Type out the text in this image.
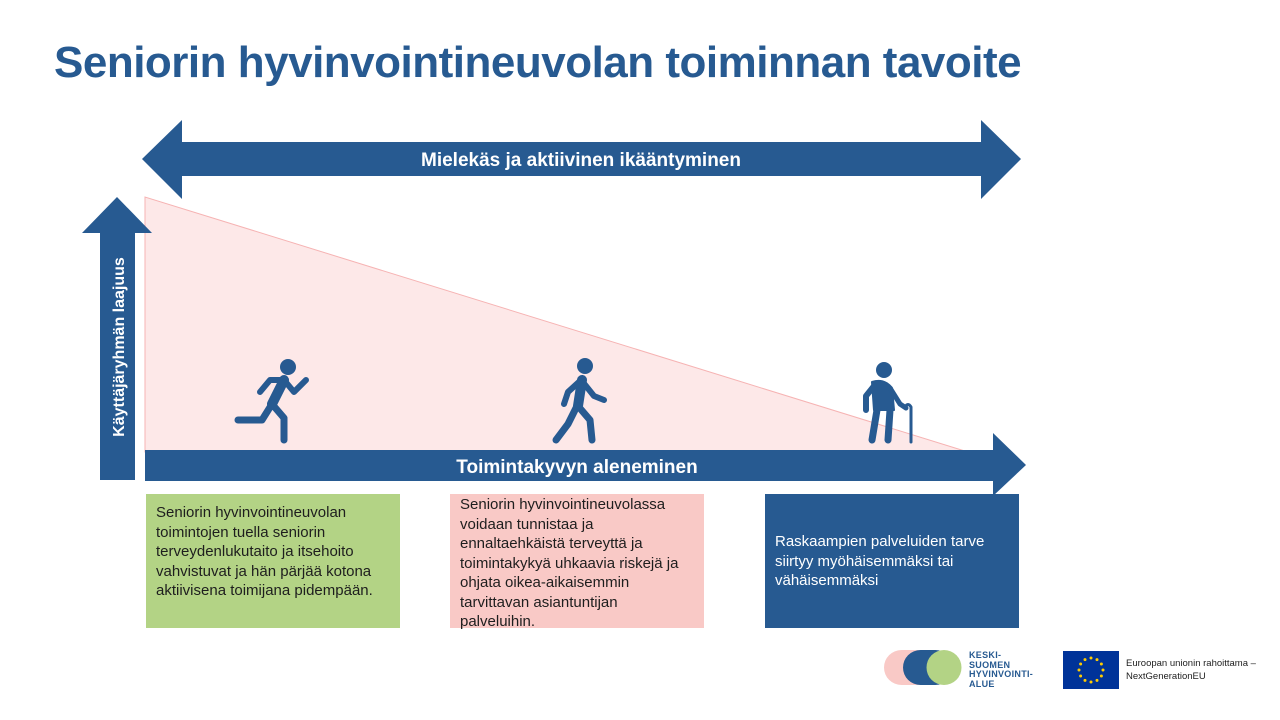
Seniorin hyvinvointineuvolan toiminnan tavoite
Mielekäs ja aktiivinen ikääntyminen
Käyttäjäryhmän laajuus
Toimintakyvyn aleneminen
Seniorin hyvinvointineuvolan toimintojen tuella seniorin terveydenlukutaito ja itsehoito vahvistuvat ja hän pärjää kotona aktiivisena toimijana pidempään.
Seniorin hyvinvointineuvolassa voidaan tunnistaa ja ennaltaehkäistä terveyttä ja toimintakykyä uhkaavia riskejä ja ohjata oikea-aikaisemmin tarvittavan asiantuntijan palveluihin.
Raskaampien palveluiden tarve siirtyy myöhäisemmäksi tai vähäisemmäksi
KESKI-
SUOMEN
HYVINVOINTI-
ALUE
Euroopan unionin rahoittama –
NextGenerationEU
